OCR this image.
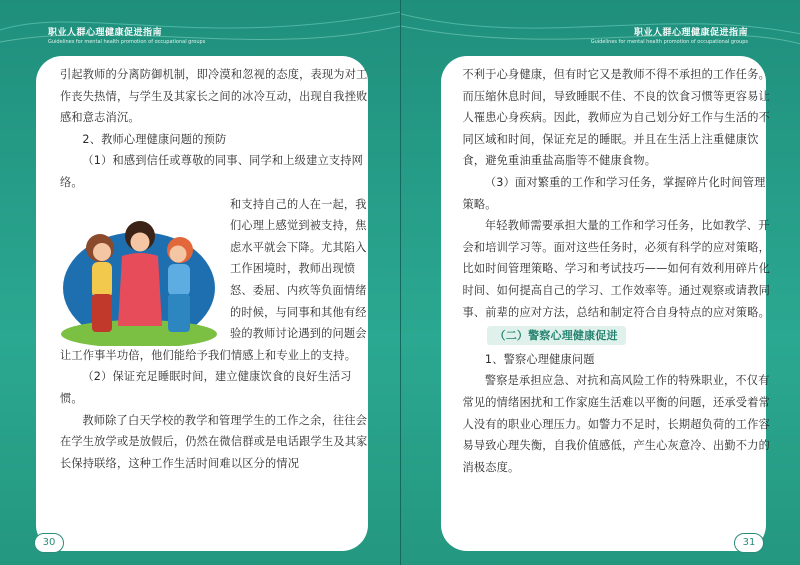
职业人群心理健康促进指南
Guidelines for mental health promotion of occupational groups

引起教师的分离防御机制，即冷漠和忽视的态度，表现为对工作丧失热情，与学生及其家长之间的冰冷互动，出现自我挫败感和意志消沉。

2、教师心理健康问题的预防

（1）和感到信任或尊敬的同事、同学和上级建立支持网络。

和支持自己的人在一起，我们心理上感觉到被支持，焦虑水平就会下降。尤其陷入工作困境时，教师出现愤怒、委屈、内疚等负面情绪的时候，与同事和其他有经验的教师讨论遇到的问题会让工作事半功倍，他们能给予我们情感上和专业上的支持。

（2）保证充足睡眠时间，建立健康饮食的良好生活习惯。

教师除了白天学校的教学和管理学生的工作之余，往往会在学生放学或是放假后，仍然在微信群或是电话跟学生及其家长保持联络，这种工作生活时间难以区分的情况

30
职业人群心理健康促进指南
Guidelines for mental health promotion of occupational groups

不利于心身健康，但有时它又是教师不得不承担的工作任务。而压缩休息时间，导致睡眠不佳、不良的饮食习惯等更容易让人罹患心身疾病。因此，教师应为自己划分好工作与生活的不同区域和时间，保证充足的睡眠。并且在生活上注重健康饮食，避免重油重盐高脂等不健康食物。

（3）面对繁重的工作和学习任务，掌握碎片化时间管理策略。

年轻教师需要承担大量的工作和学习任务，比如教学、开会和培训学习等。面对这些任务时，必须有科学的应对策略，比如时间管理策略、学习和考试技巧——如何有效利用碎片化时间、如何提高自己的学习、工作效率等。通过观察或请教同事、前辈的应对方法，总结和制定符合自身特点的应对策略。

（二）警察心理健康促进

1、警察心理健康问题

警察是承担应急、对抗和高风险工作的特殊职业，不仅有常见的情绪困扰和工作家庭生活难以平衡的问题，还承受着常人没有的职业心理压力。如警力不足时，长期超负荷的工作容易导致心理失衡，自我价值感低，产生心灰意冷、出勤不力的消极态度。

31
